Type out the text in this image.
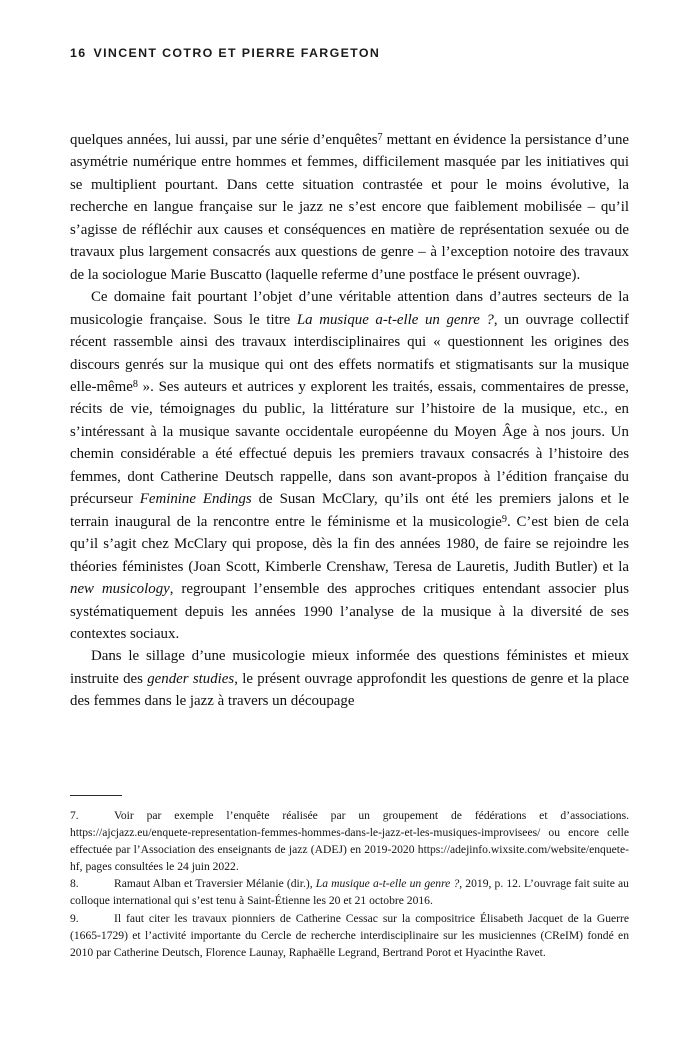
16 VINCENT COTRO ET PIERRE FARGETON

quelques années, lui aussi, par une série d’enquêtes$^7$ mettant en évidence la persistance d’une asymétrie numérique entre hommes et femmes, difficilement masquée par les initiatives qui se multiplient pourtant. Dans cette situation contrastée et pour le moins évolutive, la recherche en langue française sur le jazz ne s’est encore que faiblement mobilisée – qu’il s’agisse de réfléchir aux causes et conséquences en matière de représentation sexuée ou de travaux plus largement consacrés aux questions de genre – à l’exception notoire des travaux de la sociologue Marie Buscatto (laquelle referme d’une postface le présent ouvrage).

Ce domaine fait pourtant l’objet d’une véritable attention dans d’autres secteurs de la musicologie française. Sous le titre La musique a-t-elle un genre ?, un ouvrage collectif récent rassemble ainsi des travaux interdisciplinaires qui « questionnent les origines des discours genrés sur la musique qui ont des effets normatifs et stigmatisants sur la musique elle-même$^8$ ». Ses auteurs et autrices y explorent les traités, essais, commentaires de presse, récits de vie, témoignages du public, la littérature sur l’histoire de la musique, etc., en s’intéressant à la musique savante occidentale européenne du Moyen Âge à nos jours. Un chemin considérable a été effectué depuis les premiers travaux consacrés à l’histoire des femmes, dont Catherine Deutsch rappelle, dans son avant-propos à l’édition française du précurseur Feminine Endings de Susan McClary, qu’ils ont été les premiers jalons et le terrain inaugural de la rencontre entre le féminisme et la musicologie$^9$. C’est bien de cela qu’il s’agit chez McClary qui propose, dès la fin des années 1980, de faire se rejoindre les théories féministes (Joan Scott, Kimberle Crenshaw, Teresa de Lauretis, Judith Butler) et la new musicology, regroupant l’ensemble des approches critiques entendant associer plus systématiquement depuis les années 1990 l’analyse de la musique à la diversité de ses contextes sociaux.

Dans le sillage d’une musicologie mieux informée des questions féministes et mieux instruite des gender studies, le présent ouvrage approfondit les questions de genre et la place des femmes dans le jazz à travers un découpage

7.	Voir par exemple l’enquête réalisée par un groupement de fédérations et d’associations. https://ajcjazz.eu/enquete-representation-femmes-hommes-dans-le-jazz-et-les-musiques-improvisees/ ou encore celle effectuée par l’Association des enseignants de jazz (ADEJ) en 2019-2020 https://adejinfo.wixsite.com/website/enquete-hf, pages consultées le 24 juin 2022.

8.	Ramaut Alban et Traversier Mélanie (dir.), La musique a-t-elle un genre ?, 2019, p. 12. L’ouvrage fait suite au colloque international qui s’est tenu à Saint-Étienne les 20 et 21 octobre 2016.

9.	Il faut citer les travaux pionniers de Catherine Cessac sur la compositrice Élisabeth Jacquet de la Guerre (1665-1729) et l’activité importante du Cercle de recherche interdisciplinaire sur les musiciennes (CReIM) fondé en 2010 par Catherine Deutsch, Florence Launay, Raphaëlle Legrand, Bertrand Porot et Hyacinthe Ravet.
